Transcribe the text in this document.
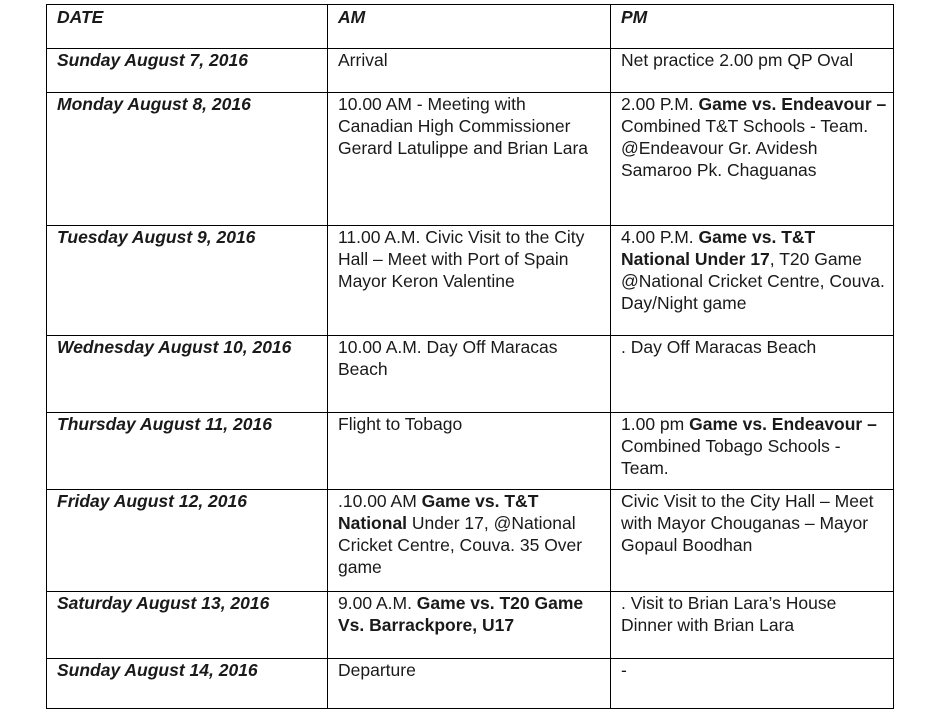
DATE	AM	PM
Sunday August 7, 2016	Arrival	Net practice 2.00 pm QP Oval
Monday August 8, 2016	10.00 AM - Meeting with Canadian High Commissioner Gerard Latulippe and Brian Lara	2.00 P.M. Game vs. Endeavour – Combined T&T Schools - Team. @Endeavour Gr. Avidesh Samaroo Pk. Chaguanas
Tuesday August 9, 2016	11.00 A.M. Civic Visit to the City Hall – Meet with Port of Spain Mayor Keron Valentine	4.00 P.M. Game vs. T&T National Under 17, T20 Game @National Cricket Centre, Couva. Day/Night game
Wednesday August 10, 2016	10.00 A.M. Day Off Maracas Beach	. Day Off Maracas Beach
Thursday August 11, 2016	Flight to Tobago	1.00 pm Game vs. Endeavour – Combined Tobago Schools -Team.
Friday August 12, 2016	.10.00 AM Game vs. T&T National Under 17, @National Cricket Centre, Couva. 35 Over game	Civic Visit to the City Hall – Meet with Mayor Chouganas – Mayor Gopaul Boodhan
Saturday August 13, 2016	9.00 A.M. Game vs. T20 Game Vs. Barrackpore, U17	. Visit to Brian Lara’s House Dinner with Brian Lara
Sunday August 14, 2016	Departure	-
